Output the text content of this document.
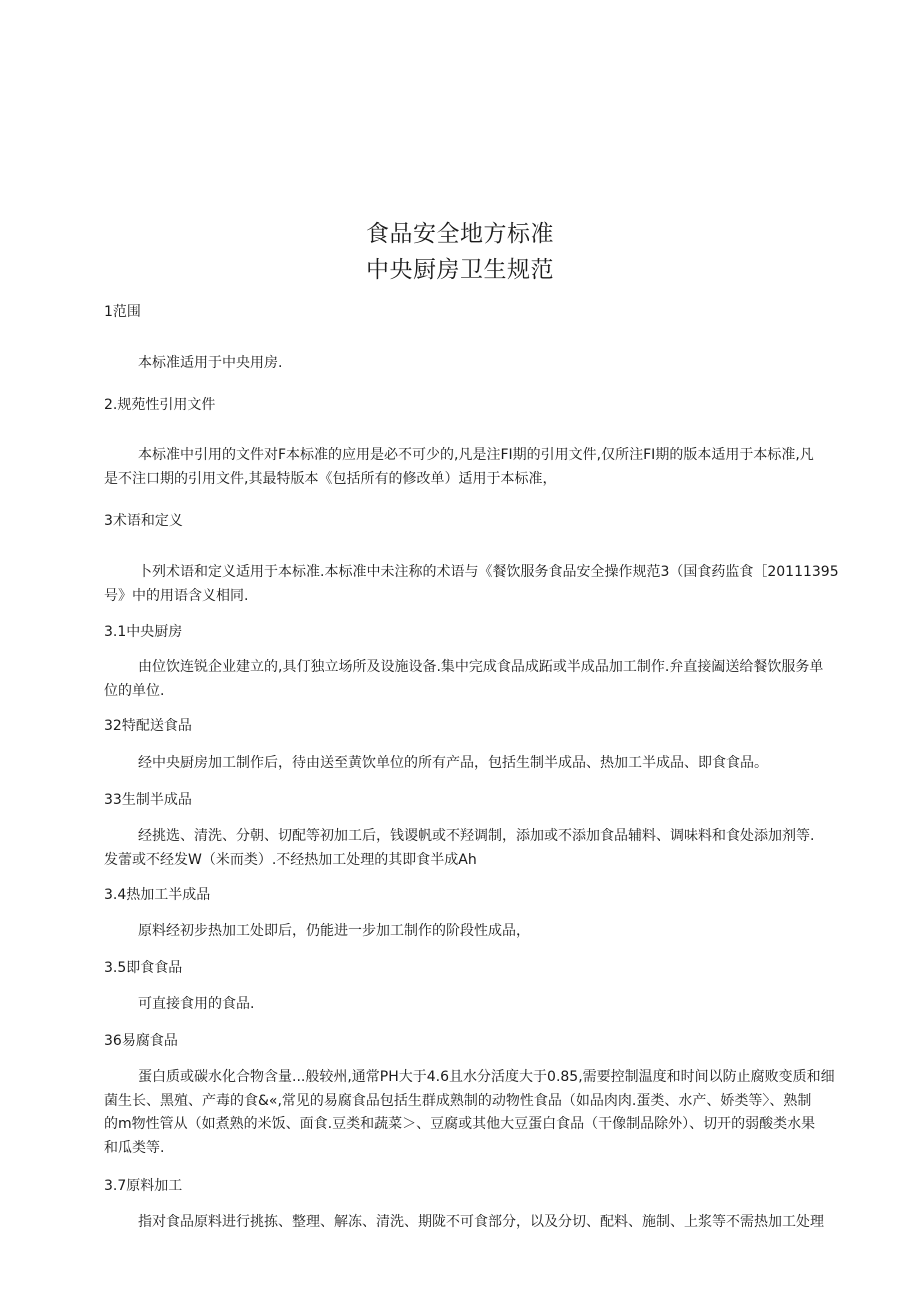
食品安全地方标准
中央厨房卫生规范

1范围

本标准适用于中央用房.

2.规苑性引用文件

本标准中引用的文件对F本标准的应用是必不可少的,凡是注FI期的引用文件,仅所注FI期的版本适用于本标准,凡
是不注口期的引用文件,其最特版本《包括所有的修改单）适用于本标准，

3术语和定义

卜列术语和定义适用于本标准.本标准中未注称的术语与《餐饮服务食品安全操作规范3（国食药监食［20111395
号》中的用语含义相同.

3.1中央厨房

由位饮连锐企业建立的,具仃独立场所及设施设备.集中完成食品成跖或半成品加工制作.弁直接阖送给餐饮服务单
位的单位.

32特配送食品

经中央厨房加工制作后，待由送至黄饮单位的所有产品，包括生制半成品、热加工半成品、即食食品。

33生制半成品

经挑选、清洗、分朝、切配等初加工后，钱谡帆或不羟调制，添加或不添加食品辅料、调味料和食处添加剂等.
发蕾或不经发W（米而类）.不经热加工处理的其即食半成Ah

3.4热加工半成品

原料经初步热加工处即后，仍能进一步加工制作的阶段性成品，

3.5即食食品

可直接食用的食品.

36易腐食品

蛋白质或碳水化合物含量...般较州,通常PH大于4.6且水分活度大于0.85,需要控制温度和时间以防止腐败变质和细
菌生长、黑殖、产毒的食&«,常见的易腐食品包括生群成熟制的动物性食品（如品肉肉.蛋类、水产、娇类等〉、熟制
的m物性管从（如煮熟的米饭、面食.豆类和蔬菜＞、豆腐或其他大豆蛋白食品（干像制品除外）、切开的弱酸类水果
和瓜类等.

3.7原料加工

指对食品原料进行挑拣、整理、解冻、清洗、期陇不可食部分，以及分切、配料、施制、上浆等不需热加工处理
